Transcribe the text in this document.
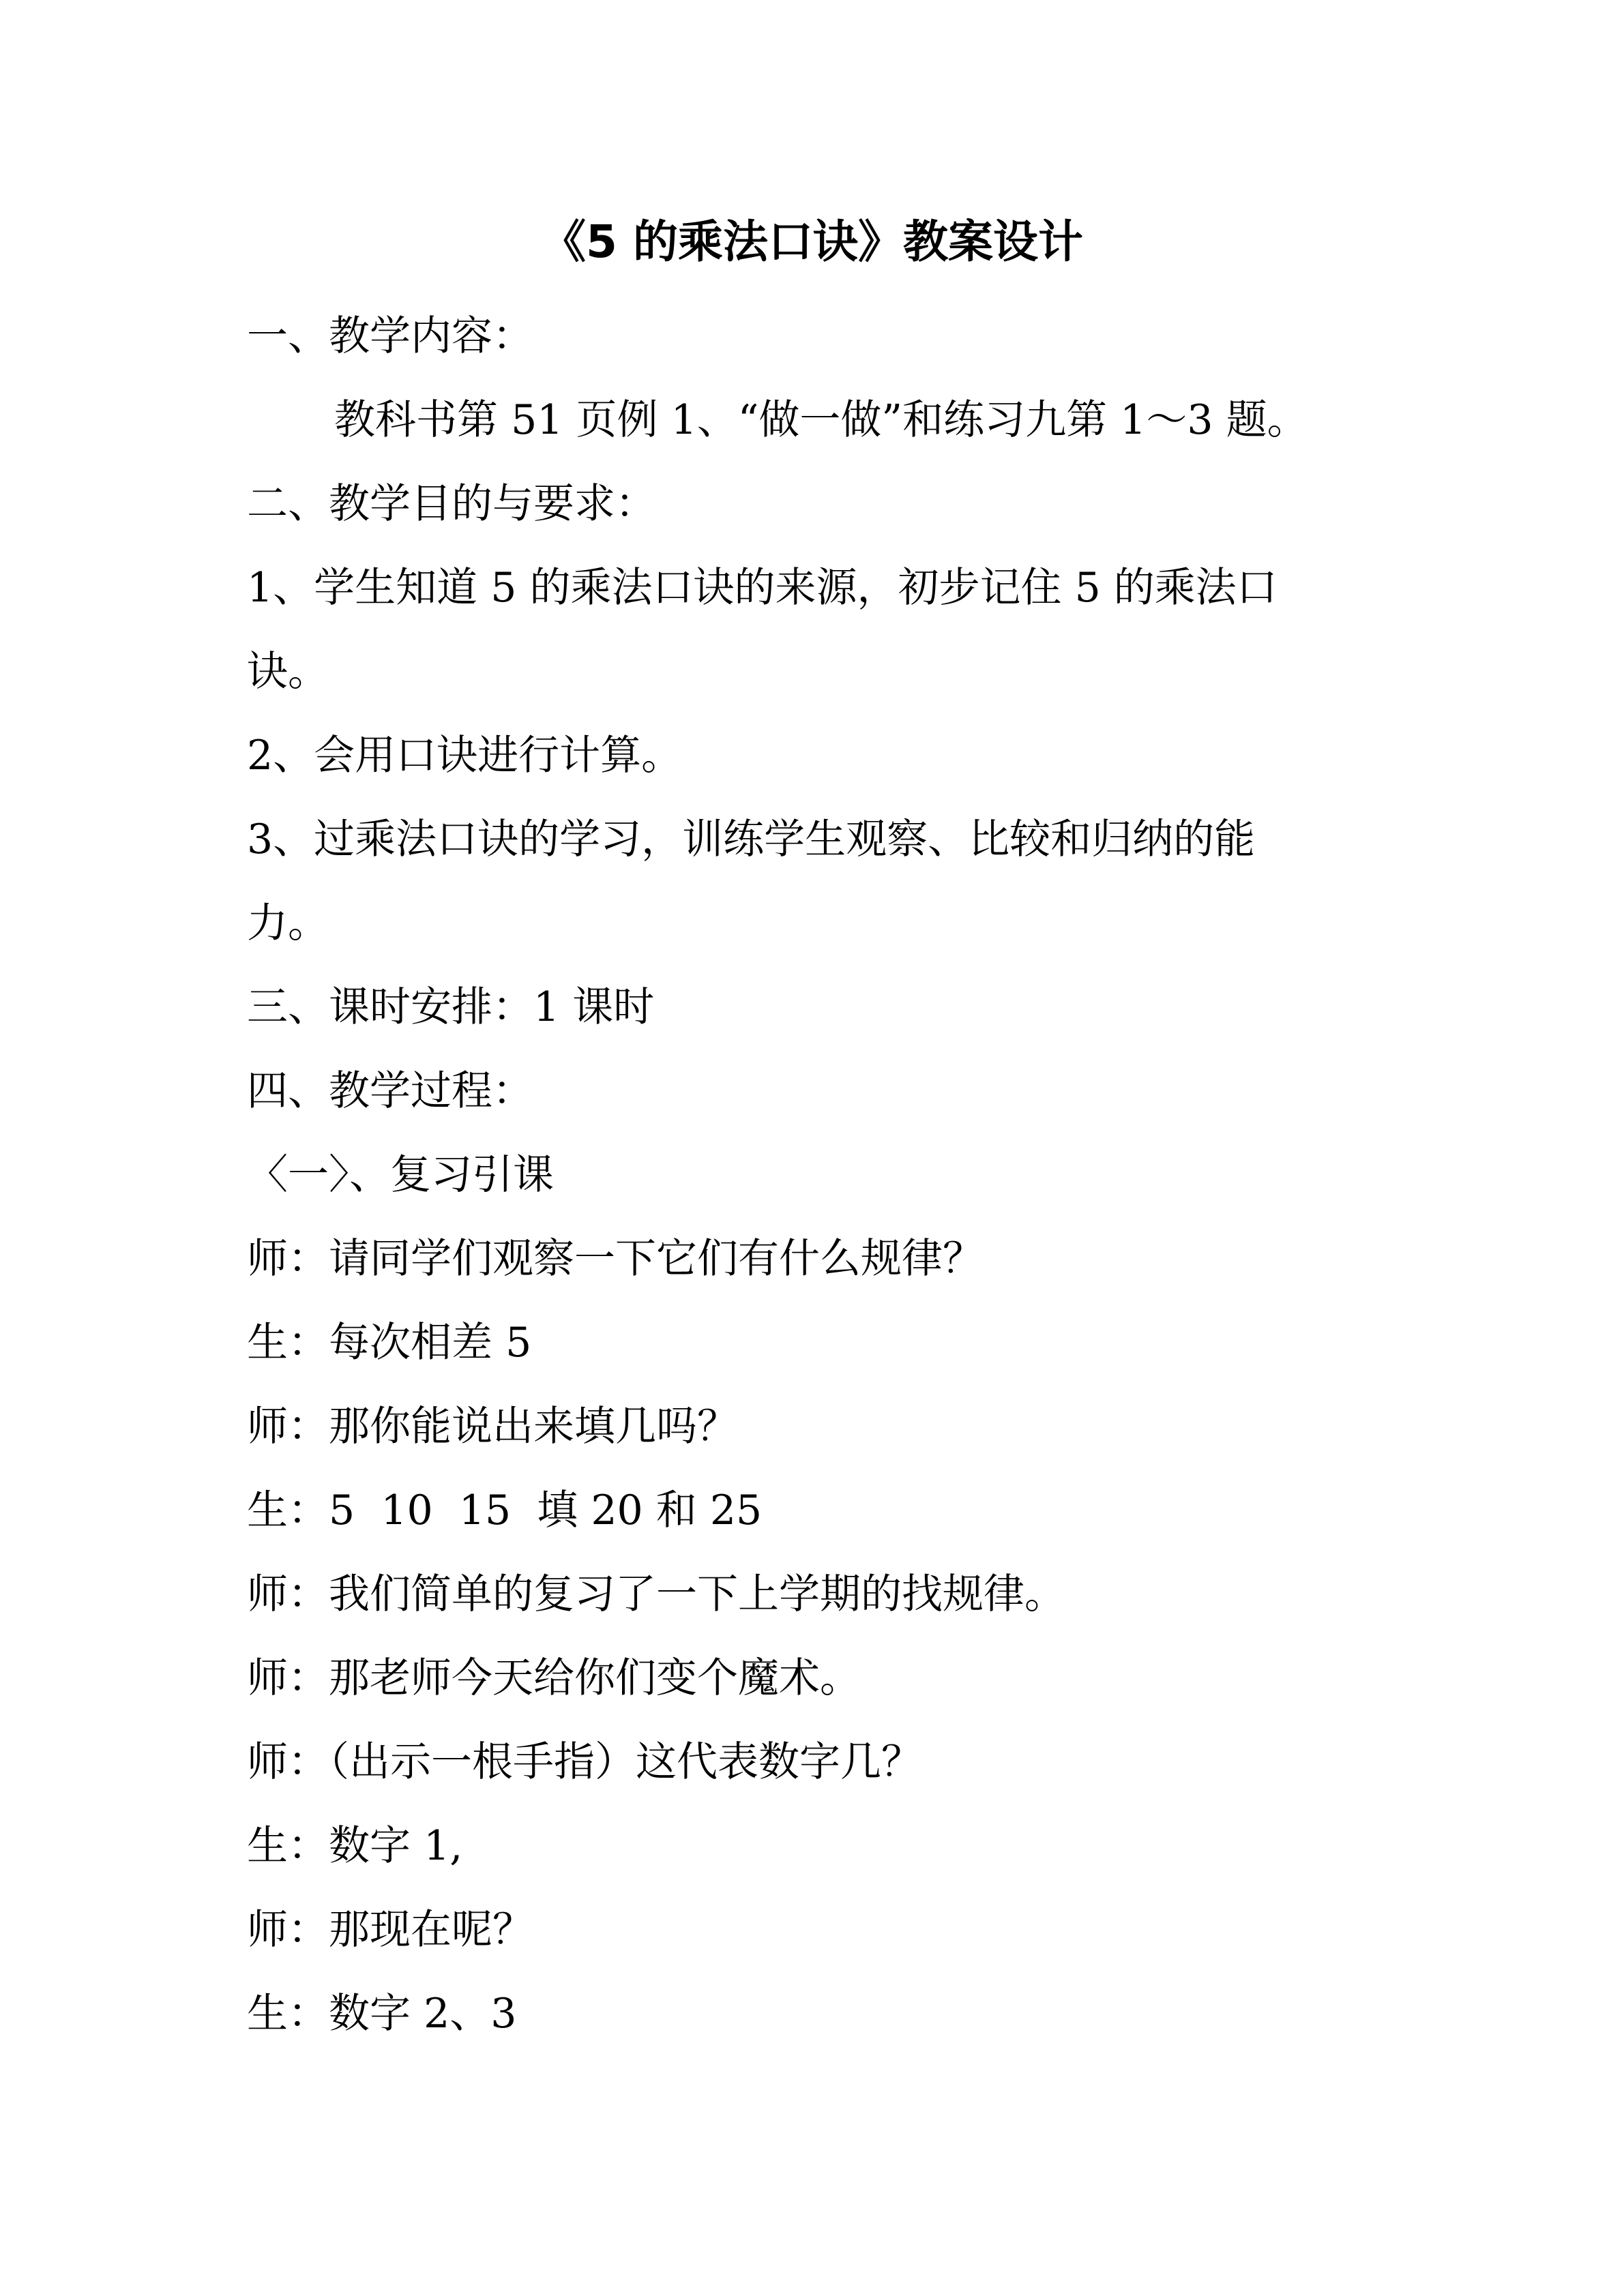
《5 的乘法口诀》教案设计

一、教学内容：

教科书第 51 页例 1、“做一做”和练习九第 1～3 题。

二、教学目的与要求：

1、学生知道 5 的乘法口诀的来源，初步记住 5 的乘法口

诀。

2、会用口诀进行计算。

3、过乘法口诀的学习，训练学生观察、比较和归纳的能

力。

三、课时安排：1 课时

四、教学过程：

〈一〉、复习引课

师：请同学们观察一下它们有什么规律？

生：每次相差 5

师：那你能说出来填几吗？

生：5  10  15  填 20 和 25

师：我们简单的复习了一下上学期的找规律。

师：那老师今天给你们变个魔术。

师：（出示一根手指）这代表数字几？

生：数字 1,

师：那现在呢？

生：数字 2、3
